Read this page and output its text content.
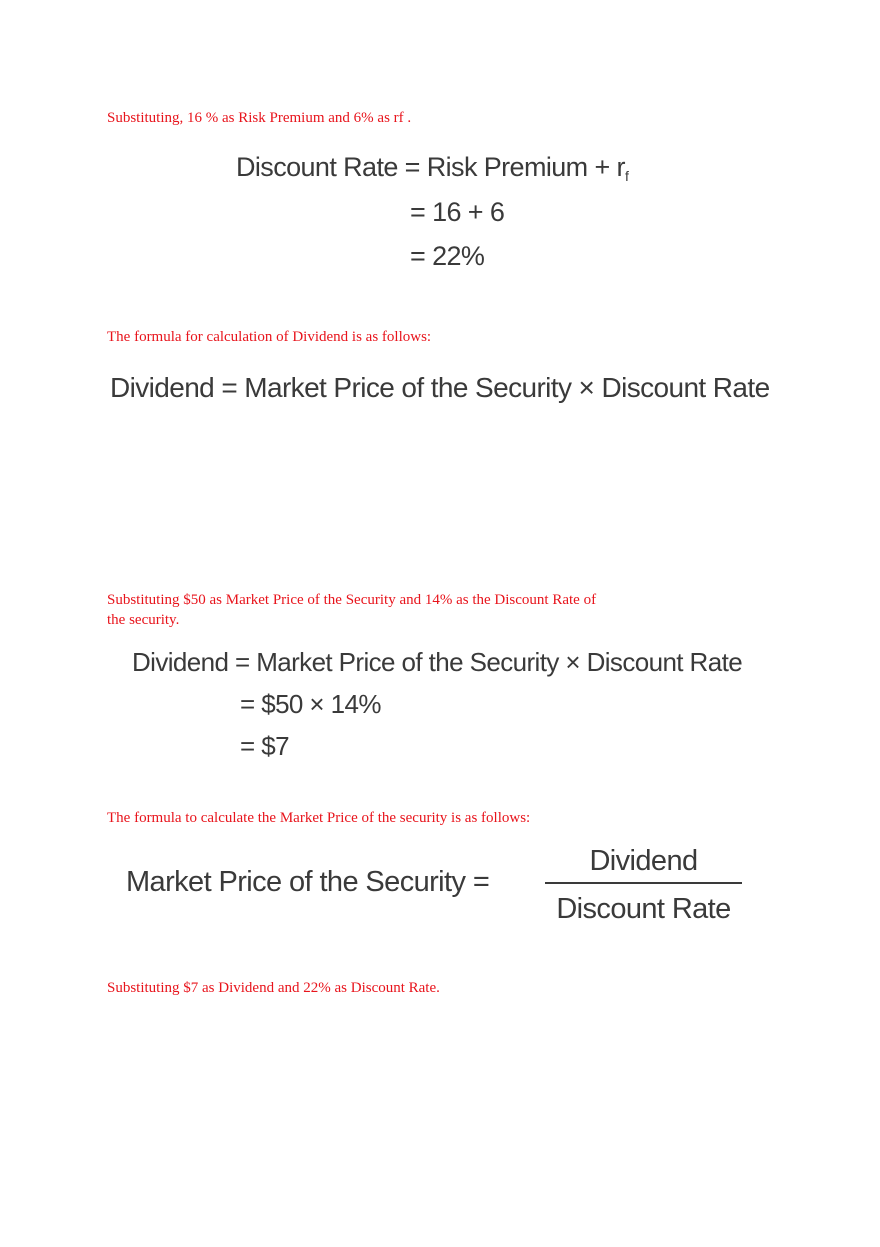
Substituting, 16 % as Risk Premium and 6% as rf .

Discount Rate = Risk Premium + $r_f$
= 16 + 6
= 22%

The formula for calculation of Dividend is as follows:

Dividend = Market Price of the Security × Discount Rate

Substituting $50 as Market Price of the Security and 14% as the Discount Rate of
the security.

Dividend = Market Price of the Security × Discount Rate
= $50 × 14%
= $7

The formula to calculate the Market Price of the security is as follows:

Market Price of the Security =
Dividend
Discount Rate

Substituting $7 as Dividend and 22% as Discount Rate.
